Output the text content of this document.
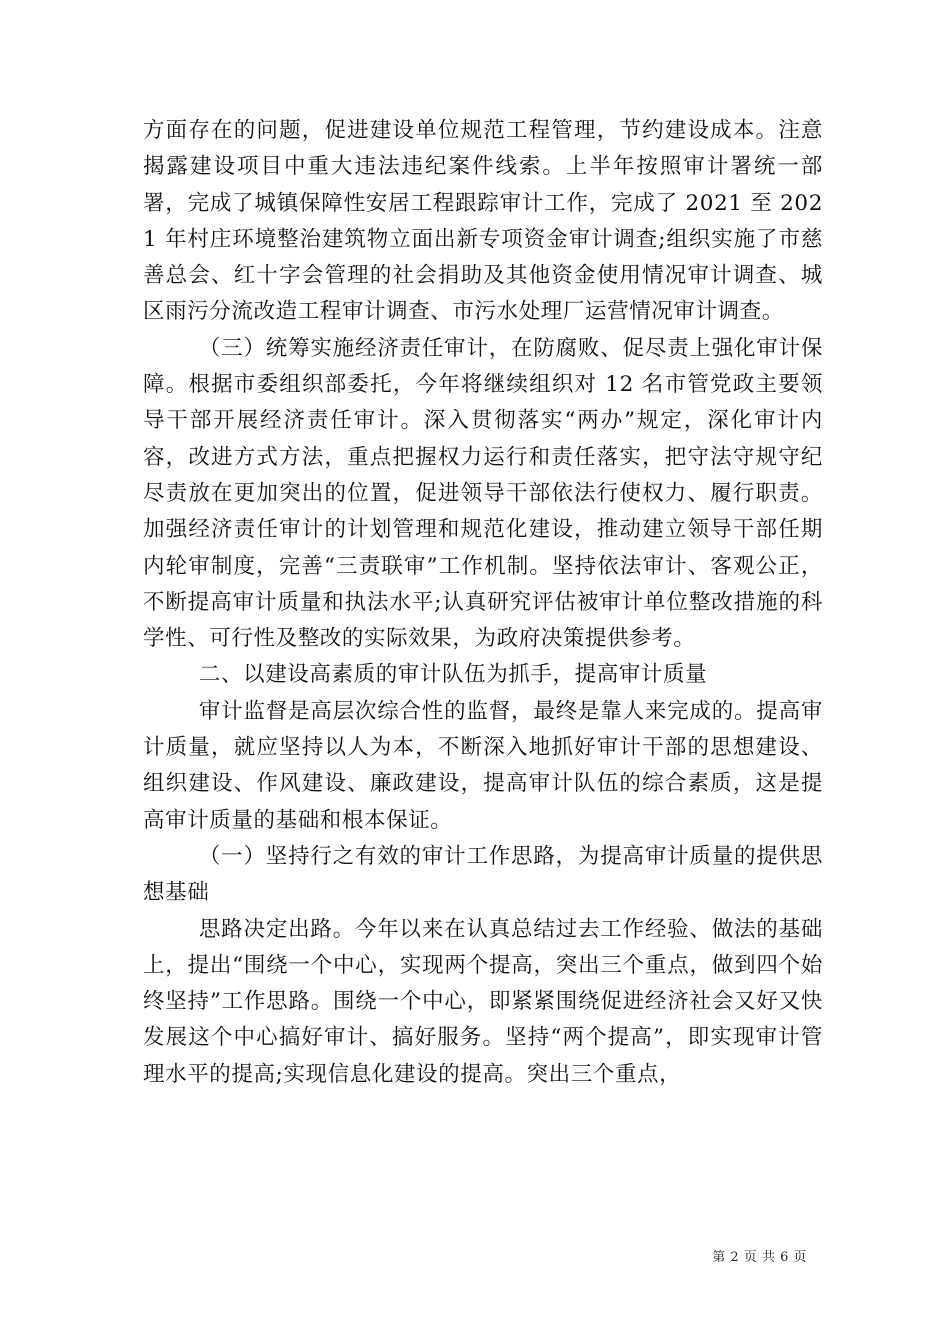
方面存在的问题，促进建设单位规范工程管理，节约建设成本。注意揭露建设项目中重大违法违纪案件线索。上半年按照审计署统一部署，完成了城镇保障性安居工程跟踪审计工作，完成了 2021 至 2021 年村庄环境整治建筑物立面出新专项资金审计调查;组织实施了市慈善总会、红十字会管理的社会捐助及其他资金使用情况审计调查、城区雨污分流改造工程审计调查、市污水处理厂运营情况审计调查。

（三）统筹实施经济责任审计，在防腐败、促尽责上强化审计保障。根据市委组织部委托，今年将继续组织对 12 名市管党政主要领导干部开展经济责任审计。深入贯彻落实“两办”规定，深化审计内容，改进方式方法，重点把握权力运行和责任落实，把守法守规守纪尽责放在更加突出的位置，促进领导干部依法行使权力、履行职责。加强经济责任审计的计划管理和规范化建设，推动建立领导干部任期内轮审制度，完善“三责联审”工作机制。坚持依法审计、客观公正，不断提高审计质量和执法水平;认真研究评估被审计单位整改措施的科学性、可行性及整改的实际效果，为政府决策提供参考。

二、以建设高素质的审计队伍为抓手，提高审计质量

审计监督是高层次综合性的监督，最终是靠人来完成的。提高审计质量，就应坚持以人为本，不断深入地抓好审计干部的思想建设、组织建设、作风建设、廉政建设，提高审计队伍的综合素质，这是提高审计质量的基础和根本保证。

（一）坚持行之有效的审计工作思路，为提高审计质量的提供思想基础

思路决定出路。今年以来在认真总结过去工作经验、做法的基础上，提出“围绕一个中心，实现两个提高，突出三个重点，做到四个始终坚持”工作思路。围绕一个中心，即紧紧围绕促进经济社会又好又快发展这个中心搞好审计、搞好服务。坚持“两个提高”，即实现审计管理水平的提高;实现信息化建设的提高。突出三个重点，

第 2 页 共 6 页
